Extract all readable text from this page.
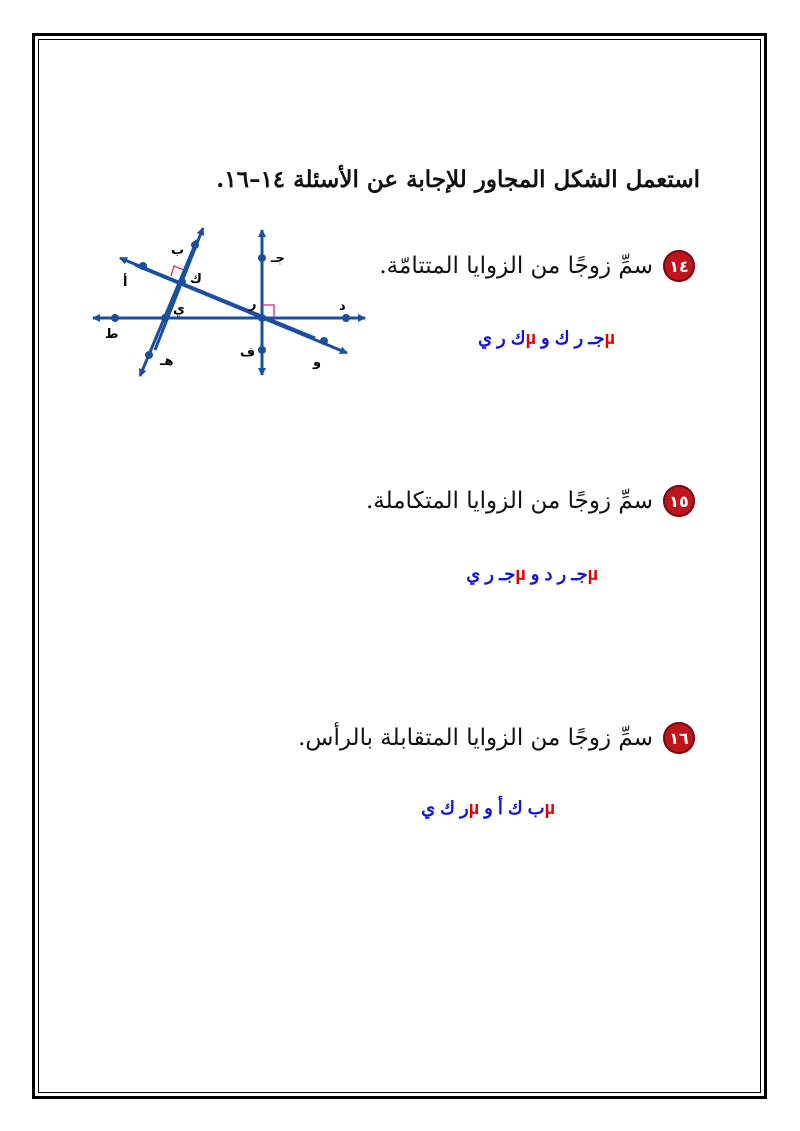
استعمل الشكل المجاور للإجابة عن الأسئلة ١٤–١٦.
أ
ب
ك
ي
ط
هـ
جـ
ر
ف
د
و
١٤
سمِّ زوجًا من الزوايا المتتامّة.
µجـ ر ك و µك ر ي
١٥
سمِّ زوجًا من الزوايا المتكاملة.
µجـ ر د و µجـ ر ي
١٦
سمِّ زوجًا من الزوايا المتقابلة بالرأس.
µب ك أ و µر ك ي
